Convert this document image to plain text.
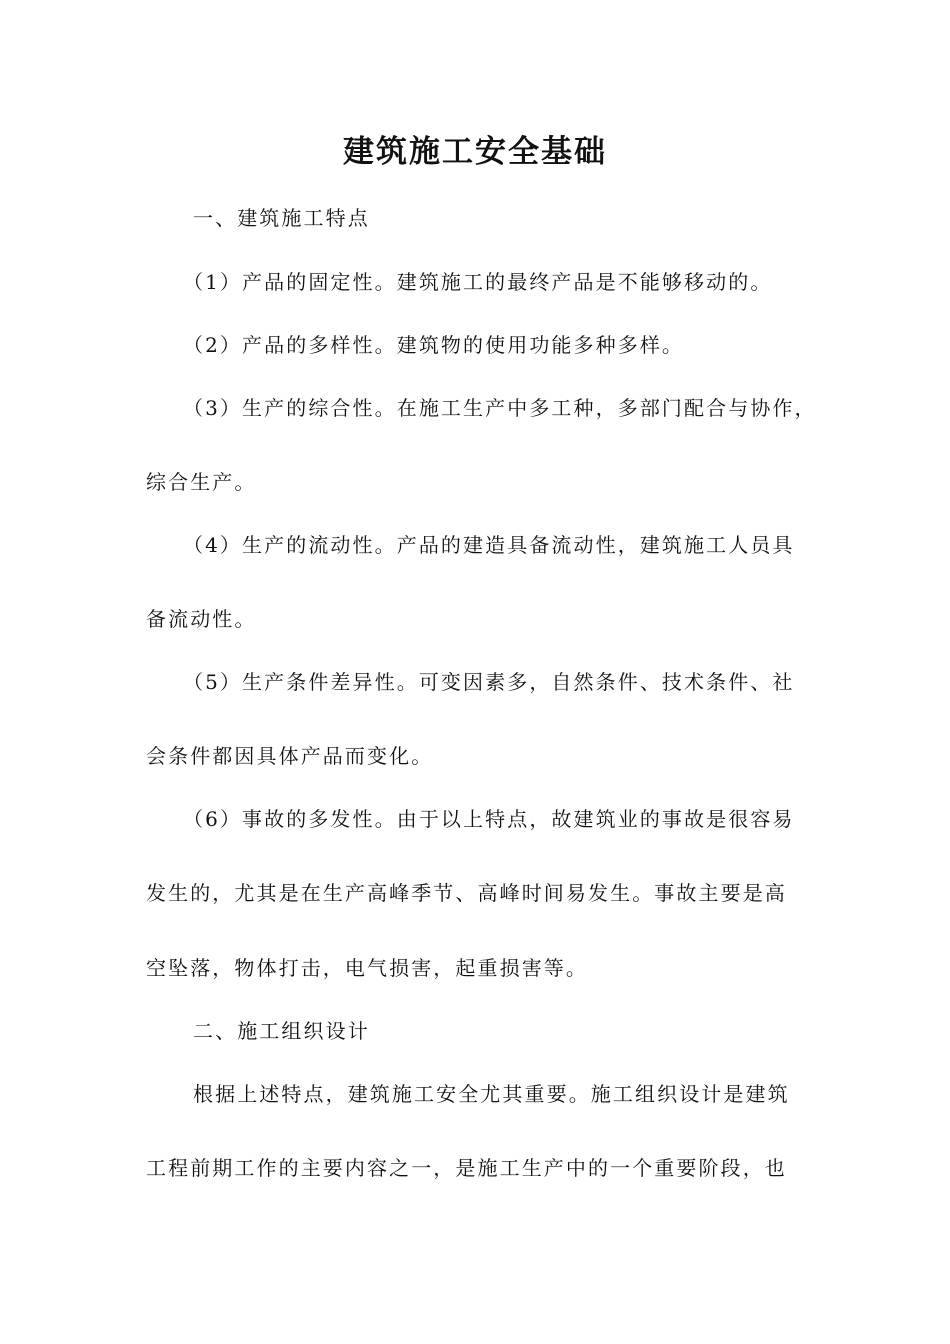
建筑施工安全基础

一、建筑施工特点

（1）产品的固定性。建筑施工的最终产品是不能够移动的。

（2）产品的多样性。建筑物的使用功能多种多样。

（3）生产的综合性。在施工生产中多工种，多部门配合与协作，

综合生产。

（4）生产的流动性。产品的建造具备流动性，建筑施工人员具

备流动性。

（5）生产条件差异性。可变因素多，自然条件、技术条件、社

会条件都因具体产品而变化。

（6）事故的多发性。由于以上特点，故建筑业的事故是很容易

发生的，尤其是在生产高峰季节、高峰时间易发生。事故主要是高

空坠落，物体打击，电气损害，起重损害等。

二、施工组织设计

根据上述特点，建筑施工安全尤其重要。施工组织设计是建筑

工程前期工作的主要内容之一，是施工生产中的一个重要阶段，也
